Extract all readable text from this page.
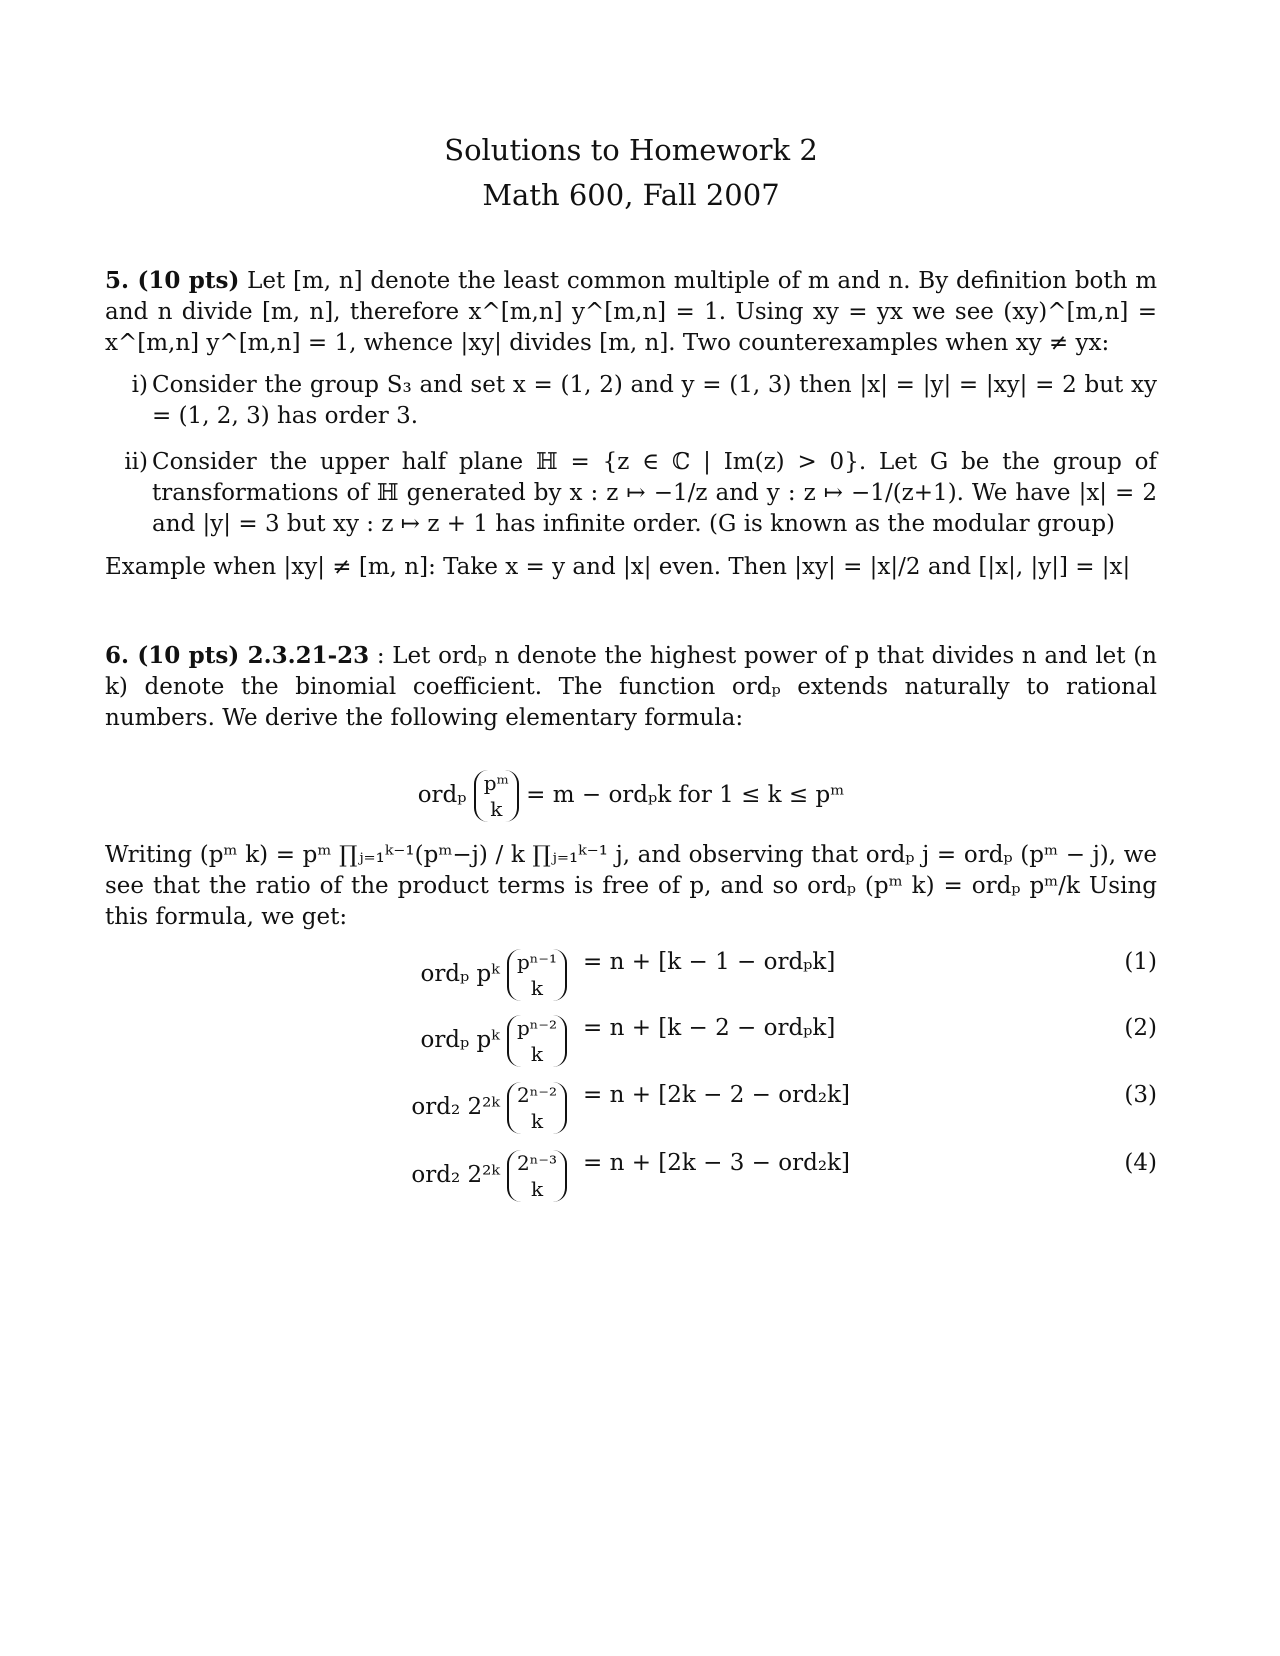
Solutions to Homework 2
Math 600, Fall 2007
5. (10 pts) Let [m, n] denote the least common multiple of m and n. By definition both m and n divide [m, n], therefore x^[m,n] y^[m,n] = 1. Using xy = yx we see (xy)^[m,n] = x^[m,n] y^[m,n] = 1, whence |xy| divides [m, n]. Two counterexamples when xy ≠ yx:
i) Consider the group S₃ and set x = (1, 2) and y = (1, 3) then |x| = |y| = |xy| = 2 but xy = (1, 2, 3) has order 3.
ii) Consider the upper half plane ℍ = {z ∈ ℂ | Im(z) > 0}. Let G be the group of transformations of ℍ generated by x : z ↦ −1/z and y : z ↦ −1/(z+1). We have |x| = 2 and |y| = 3 but xy : z ↦ z + 1 has infinite order. (G is known as the modular group)
Example when |xy| ≠ [m, n]: Take x = y and |x| even. Then |xy| = |x|/2 and [|x|, |y|] = |x|
6. (10 pts) 2.3.21-23 : Let ordₚ n denote the highest power of p that divides n and let (n k) denote the binomial coefficient. The function ordₚ extends naturally to rational numbers. We derive the following elementary formula:
ordₚ pᵐ
k
= m − ordₚk for 1 ≤ k ≤ pᵐ
Writing (pᵐ k) = pᵐ ∏ⱼ₌₁ᵏ⁻¹(pᵐ−j) / k ∏ⱼ₌₁ᵏ⁻¹ j, and observing that ordₚ j = ordₚ (pᵐ − j), we see that the ratio of the product terms is free of p, and so ordₚ (pᵐ k) = ordₚ pᵐ/k Using this formula, we get:
ordₚ pᵏ pⁿ⁻¹
k
= n + [k − 1 − ordₚk]	(1)
ordₚ pᵏ pⁿ⁻²
k
= n + [k − 2 − ordₚk]	(2)
ord₂ 2²ᵏ 2ⁿ⁻²
k
= n + [2k − 2 − ord₂k]	(3)
ord₂ 2²ᵏ 2ⁿ⁻³
k
= n + [2k − 3 − ord₂k]	(4)
